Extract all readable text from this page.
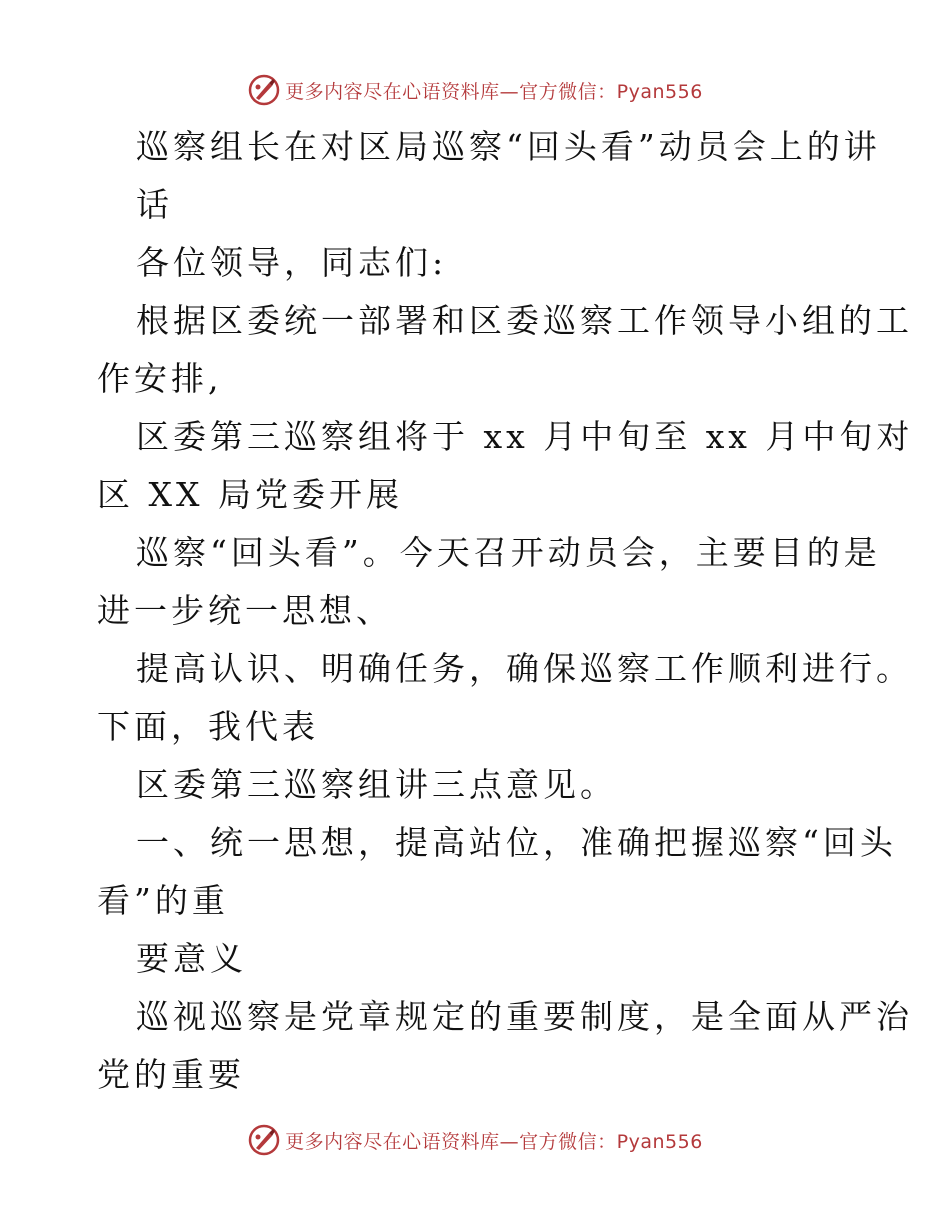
更多内容尽在心语资料库—官方微信：Pyan556
巡察组长在对区局巡察“回头看”动员会上的讲
话
各位领导，同志们:
根据区委统一部署和区委巡察工作领导小组的工
作安排,
区委第三巡察组将于 xx 月中旬至 xx 月中旬对
区 XX 局党委开展
巡察“回头看”。今天召开动员会，主要目的是
进一步统一思想、
提高认识、明确任务，确保巡察工作顺利进行。
下面，我代表
区委第三巡察组讲三点意见。
一、统一思想，提高站位，准确把握巡察“回头
看”的重
要意义
巡视巡察是党章规定的重要制度，是全面从严治
党的重要
更多内容尽在心语资料库—官方微信：Pyan556
